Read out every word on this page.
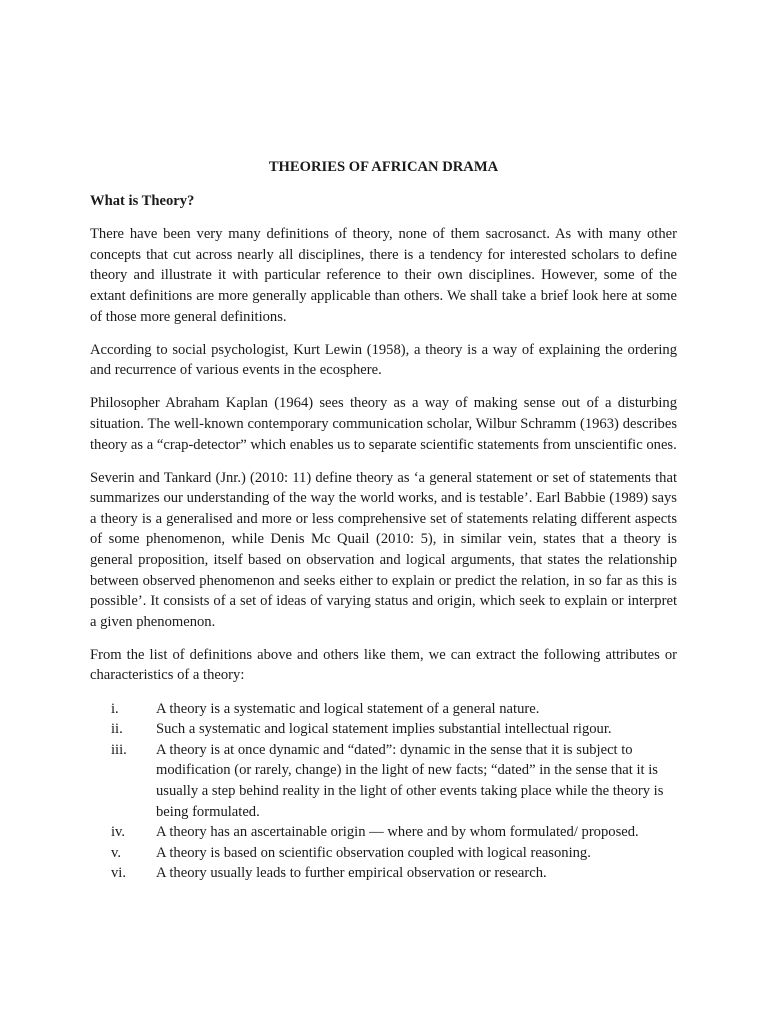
THEORIES OF AFRICAN DRAMA
What is Theory?

There have been very many definitions of theory, none of them sacrosanct. As with many other concepts that cut across nearly all disciplines, there is a tendency for interested scholars to define theory and illustrate it with particular reference to their own disciplines. However, some of the extant definitions are more generally applicable than others. We shall take a brief look here at some of those more general definitions.

According to social psychologist, Kurt Lewin (1958), a theory is a way of explaining the ordering and recurrence of various events in the ecosphere.

Philosopher Abraham Kaplan (1964) sees theory as a way of making sense out of a disturbing situation. The well-known contemporary communication scholar, Wilbur Schramm (1963) describes theory as a “crap-detector” which enables us to separate scientific statements from unscientific ones.

Severin and Tankard (Jnr.) (2010: 11) define theory as ‘a general statement or set of statements that summarizes our understanding of the way the world works, and is testable’. Earl Babbie (1989) says a theory is a generalised and more or less comprehensive set of statements relating different aspects of some phenomenon, while Denis Mc Quail (2010: 5), in similar vein, states that a theory is general proposition, itself based on observation and logical arguments, that states the relationship between observed phenomenon and seeks either to explain or predict the relation, in so far as this is possible’. It consists of a set of ideas of varying status and origin, which seek to explain or interpret a given phenomenon.

From the list of definitions above and others like them, we can extract the following attributes or characteristics of a theory:

i.	A theory is a systematic and logical statement of a general nature.
ii.	Such a systematic and logical statement implies substantial intellectual rigour.
iii.	A theory is at once dynamic and “dated”: dynamic in the sense that it is subject to modification (or rarely, change) in the light of new facts; “dated” in the sense that it is usually a step behind reality in the light of other events taking place while the theory is being formulated.
iv.	A theory has an ascertainable origin — where and by whom formulated/ proposed.
v.	A theory is based on scientific observation coupled with logical reasoning.
vi.	A theory usually leads to further empirical observation or research.
